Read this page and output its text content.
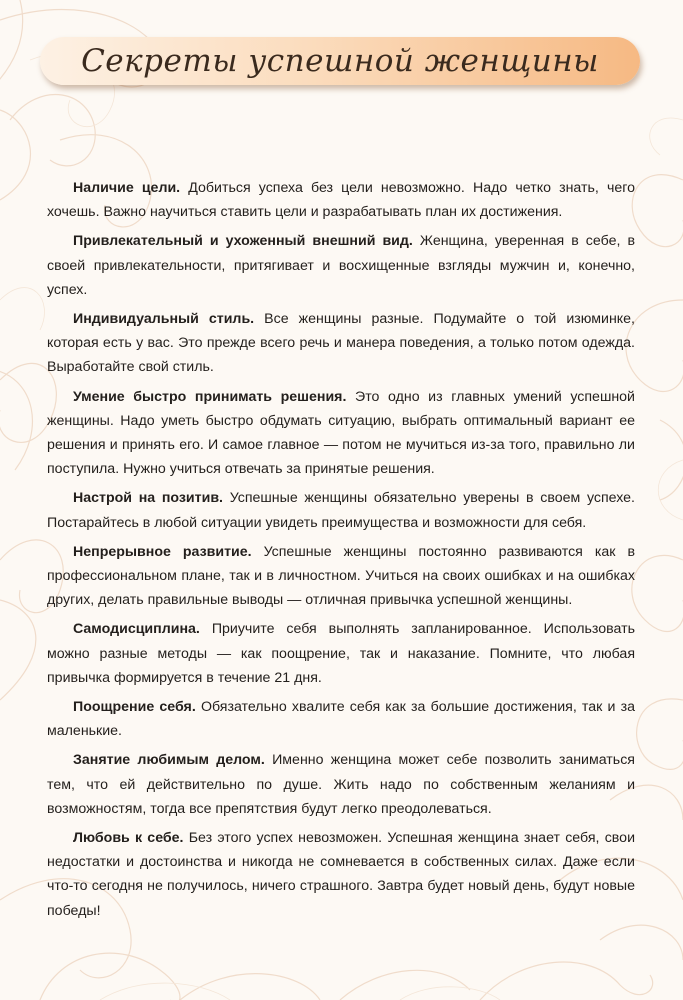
Секреты успешной женщины

Наличие цели. Добиться успеха без цели невозможно. Надо четко знать, чего хочешь. Важно научиться ставить цели и разрабатывать план их достижения.

Привлекательный и ухоженный внешний вид. Женщина, уверенная в себе, в своей привлекательности, притягивает и восхищенные взгляды мужчин и, конечно, успех.

Индивидуальный стиль. Все женщины разные. Подумайте о той изюминке, которая есть у вас. Это прежде всего речь и манера поведения, а только потом одежда. Выработайте свой стиль.

Умение быстро принимать решения. Это одно из главных умений успешной женщины. Надо уметь быстро обдумать ситуацию, выбрать оптимальный вариант ее решения и принять его. И самое главное — потом не мучиться из-за того, правильно ли поступила. Нужно учиться отвечать за принятые решения.

Настрой на позитив. Успешные женщины обязательно уверены в своем успехе. Постарайтесь в любой ситуации увидеть преимущества и возможности для себя.

Непрерывное развитие. Успешные женщины постоянно развиваются как в профессиональном плане, так и в личностном. Учиться на своих ошибках и на ошибках других, делать правильные выводы — отличная привычка успешной женщины.

Самодисциплина. Приучите себя выполнять запланированное. Использовать можно разные методы — как поощрение, так и наказание. Помните, что любая привычка формируется в течение 21 дня.

Поощрение себя. Обязательно хвалите себя как за большие достижения, так и за маленькие.

Занятие любимым делом. Именно женщина может себе позволить заниматься тем, что ей действительно по душе. Жить надо по собственным желаниям и возможностям, тогда все препятствия будут легко преодолеваться.

Любовь к себе. Без этого успех невозможен. Успешная женщина знает себя, свои недостатки и достоинства и никогда не сомневается в собственных силах. Даже если что-то сегодня не получилось, ничего страшного. Завтра будет новый день, будут новые победы!
